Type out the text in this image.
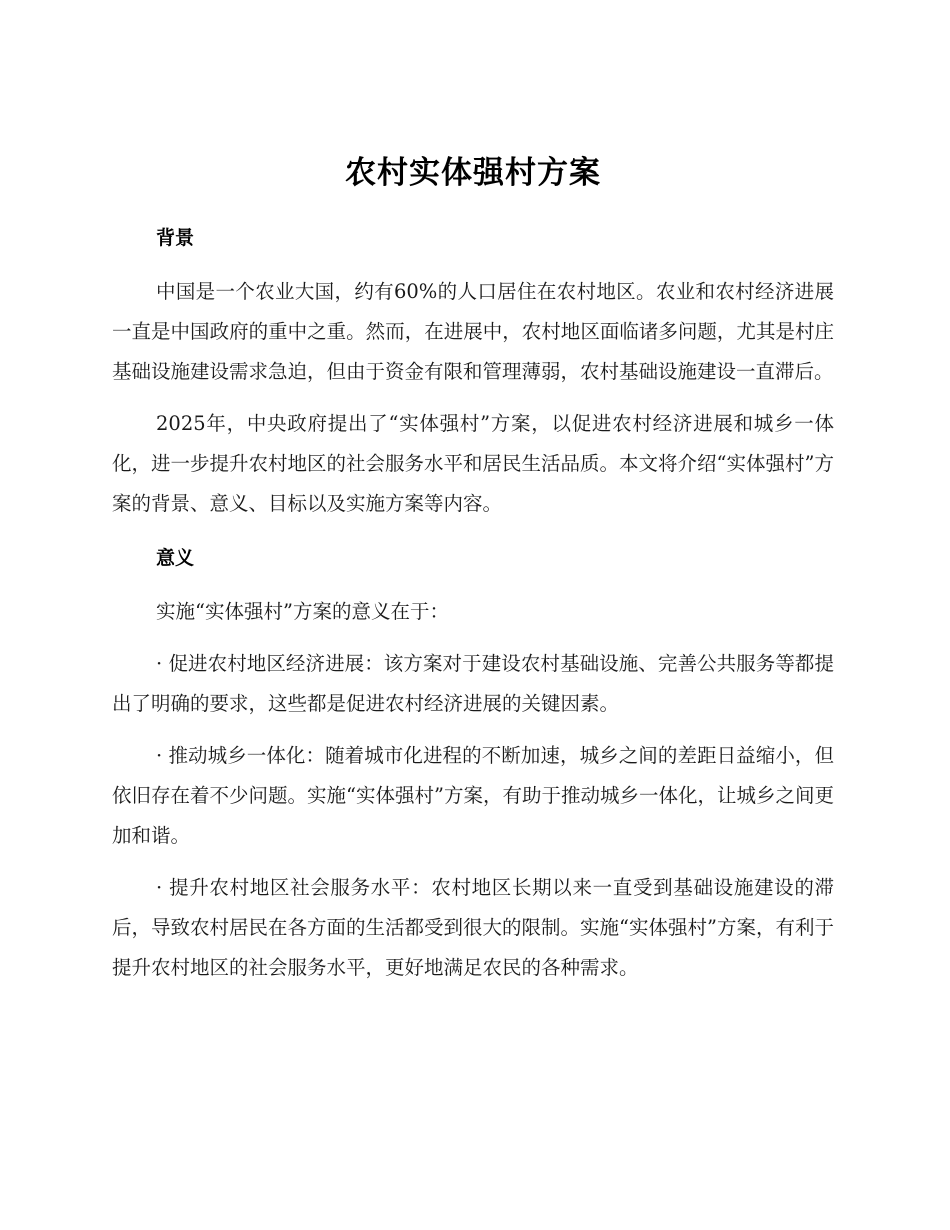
农村实体强村方案
背景

中国是一个农业大国，约有60%的人口居住在农村地区。农业和农村经济进展一直是中国政府的重中之重。然而，在进展中，农村地区面临诸多问题，尤其是村庄基础设施建设需求急迫，但由于资金有限和管理薄弱，农村基础设施建设一直滞后。

2025年，中央政府提出了“实体强村”方案，以促进农村经济进展和城乡一体化，进一步提升农村地区的社会服务水平和居民生活品质。本文将介绍“实体强村”方案的背景、意义、目标以及实施方案等内容。

意义

实施“实体强村”方案的意义在于：

· 促进农村地区经济进展：该方案对于建设农村基础设施、完善公共服务等都提出了明确的要求，这些都是促进农村经济进展的关键因素。

· 推动城乡一体化：随着城市化进程的不断加速，城乡之间的差距日益缩小，但依旧存在着不少问题。实施“实体强村”方案，有助于推动城乡一体化，让城乡之间更加和谐。

· 提升农村地区社会服务水平：农村地区长期以来一直受到基础设施建设的滞后，导致农村居民在各方面的生活都受到很大的限制。实施“实体强村”方案，有利于提升农村地区的社会服务水平，更好地满足农民的各种需求。
